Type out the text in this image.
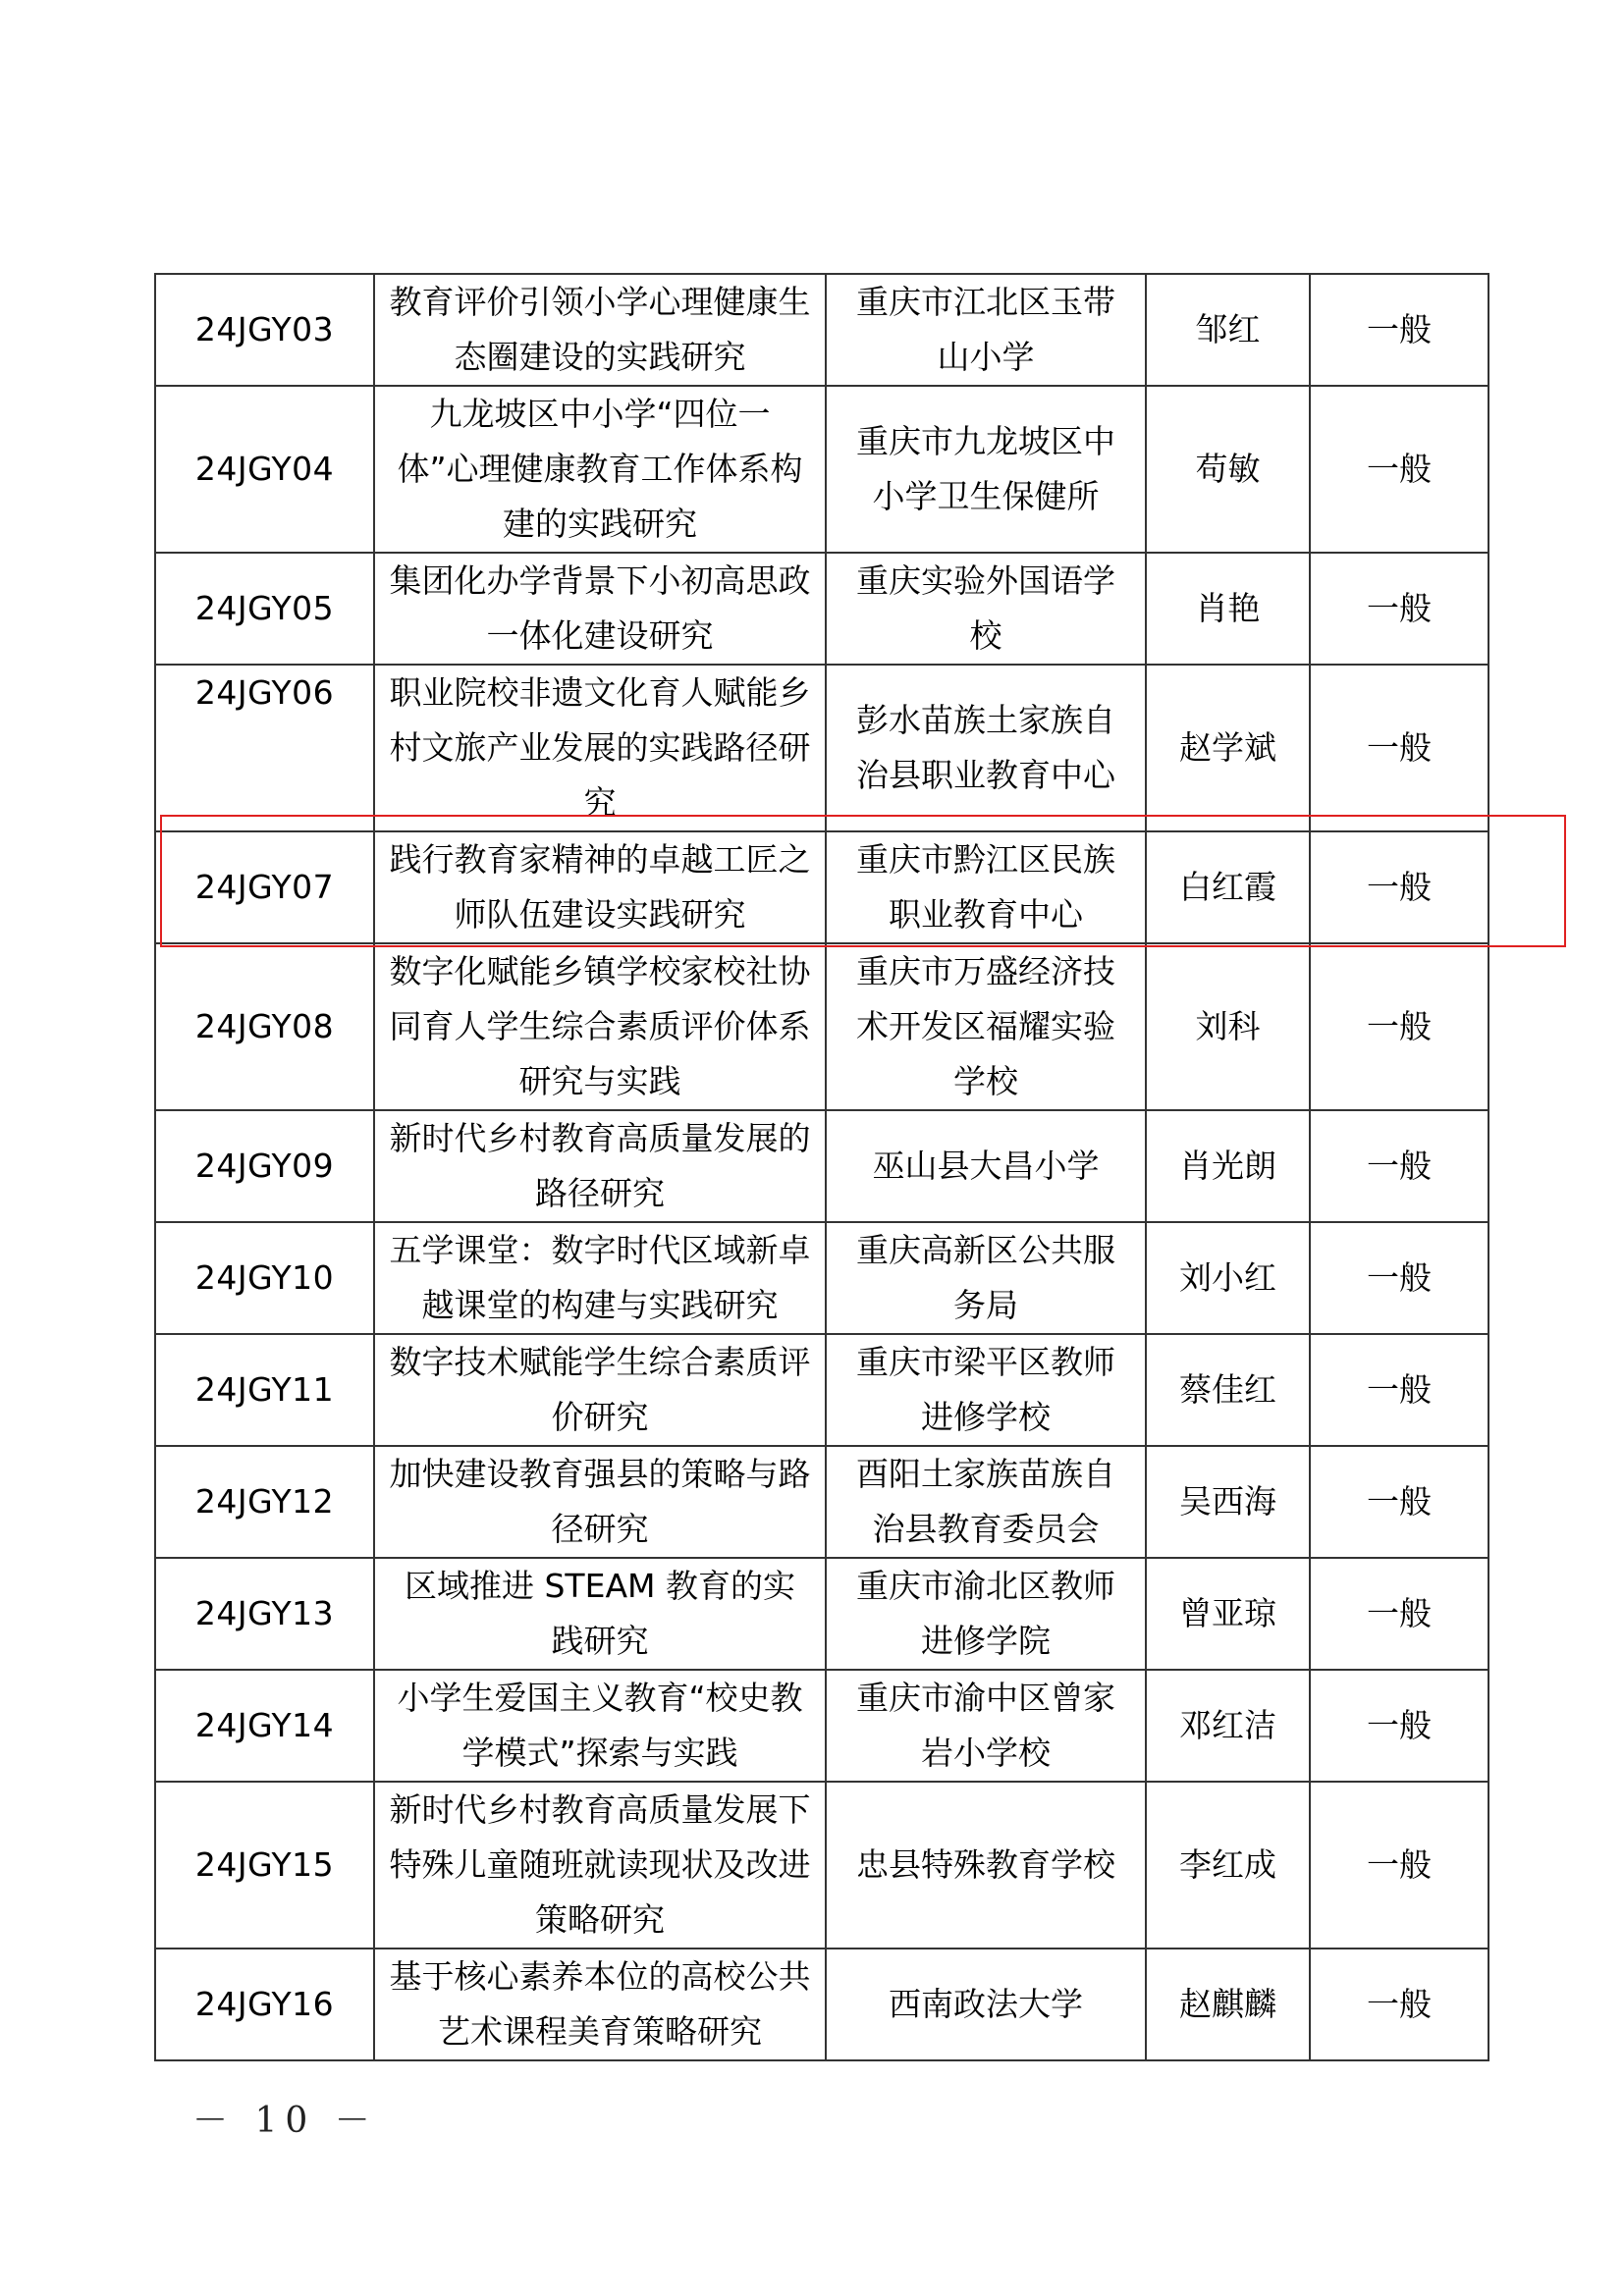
24JGY03	教育评价引领小学心理健康生态圈建设的实践研究	重庆市江北区玉带山小学	邹红	一般
24JGY04	九龙坡区中小学“四位一体”心理健康教育工作体系构建的实践研究	重庆市九龙坡区中小学卫生保健所	苟敏	一般
24JGY05	集团化办学背景下小初高思政一体化建设研究	重庆实验外国语学校	肖艳	一般
24JGY06	职业院校非遗文化育人赋能乡村文旅产业发展的实践路径研究	彭水苗族土家族自治县职业教育中心	赵学斌	一般
24JGY07	践行教育家精神的卓越工匠之师队伍建设实践研究	重庆市黔江区民族职业教育中心	白红霞	一般
24JGY08	数字化赋能乡镇学校家校社协同育人学生综合素质评价体系研究与实践	重庆市万盛经济技术开发区福耀实验学校	刘科	一般
24JGY09	新时代乡村教育高质量发展的路径研究	巫山县大昌小学	肖光朗	一般
24JGY10	五学课堂：数字时代区域新卓越课堂的构建与实践研究	重庆高新区公共服务局	刘小红	一般
24JGY11	数字技术赋能学生综合素质评价研究	重庆市梁平区教师进修学校	蔡佳红	一般
24JGY12	加快建设教育强县的策略与路径研究	酉阳土家族苗族自治县教育委员会	吴西海	一般
24JGY13	区域推进 STEAM 教育的实践研究	重庆市渝北区教师进修学院	曾亚琼	一般
24JGY14	小学生爱国主义教育“校史教学模式”探索与实践	重庆市渝中区曾家岩小学校	邓红洁	一般
24JGY15	新时代乡村教育高质量发展下特殊儿童随班就读现状及改进策略研究	忠县特殊教育学校	李红成	一般
24JGY16	基于核心素养本位的高校公共艺术课程美育策略研究	西南政法大学	赵麒麟	一般
－ 10 －
